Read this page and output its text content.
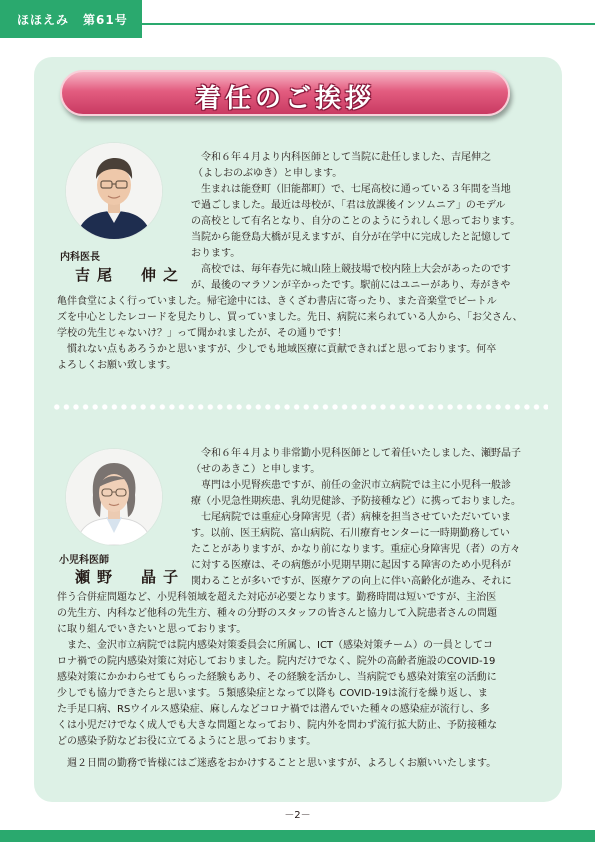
ほほえみ 第61号
着任のご挨拶
内科医長
吉尾　伸之
令和６年４月より内科医師として当院に赴任しました、吉尾伸之
（よしおのぶゆき）と申します。
生まれは能登町（旧能都町）で、七尾高校に通っている３年間を当地
で過ごしました。最近は母校が、「君は放課後インソムニア」のモデル
の高校として有名となり、自分のことのようにうれしく思っております。
当院から能登島大橋が見えますが、自分が在学中に完成したと記憶して
おります。
高校では、毎年春先に城山陸上競技場で校内陸上大会があったのです
が、最後のマラソンが辛かったです。駅前にはユニーがあり、寿がきや
亀伴食堂によく行っていました。帰宅途中には、きくざわ書店に寄ったり、また音楽堂でビートル
ズを中心としたレコードを見たりし、買っていました。先日、病院に来られている人から、「お父さん、
学校の先生じゃないけ？」って聞かれましたが、その通りです！
慣れない点もあろうかと思いますが、少しでも地域医療に貢献できればと思っております。何卒
よろしくお願い致します。
小児科医師
瀬野　晶子
令和６年４月より非常勤小児科医師として着任いたしました、瀬野晶子
（せのあきこ）と申します。
専門は小児腎疾患ですが、前任の金沢市立病院では主に小児科一般診
療（小児急性期疾患、乳幼児健診、予防接種など）に携っておりました。
七尾病院では重症心身障害児（者）病棟を担当させていただいていま
す。以前、医王病院、富山病院、石川療育センターに一時期勤務してい
たことがありますが、かなり前になります。重症心身障害児（者）の方々
に対する医療は、その病態が小児期早期に起因する障害のため小児科が
関わることが多いですが、医療ケアの向上に伴い高齢化が進み、それに
伴う合併症問題など、小児科領域を超えた対応が必要となります。勤務時間は短いですが、主治医
の先生方、内科など他科の先生方、種々の分野のスタッフの皆さんと協力して入院患者さんの問題
に取り組んでいきたいと思っております。
また、金沢市立病院では院内感染対策委員会に所属し、ICT（感染対策チーム）の一員としてコ
ロナ禍での院内感染対策に対応しておりました。院内だけでなく、院外の高齢者施設のCOVID-19
感染対策にかかわらせてもらった経験もあり、その経験を活かし、当病院でも感染対策室の活動に
少しでも協力できたらと思います。５類感染症となって以降も COVID-19は流行を繰り返し、ま
た手足口病、RSウイルス感染症、麻しんなどコロナ禍では潜んでいた種々の感染症が流行し、多
くは小児だけでなく成人でも大きな問題となっており、院内外を問わず流行拡大防止、予防接種な
どの感染予防などお役に立てるようにと思っております。
週２日間の勤務で皆様にはご迷惑をおかけすることと思いますが、よろしくお願いいたします。
－2－
